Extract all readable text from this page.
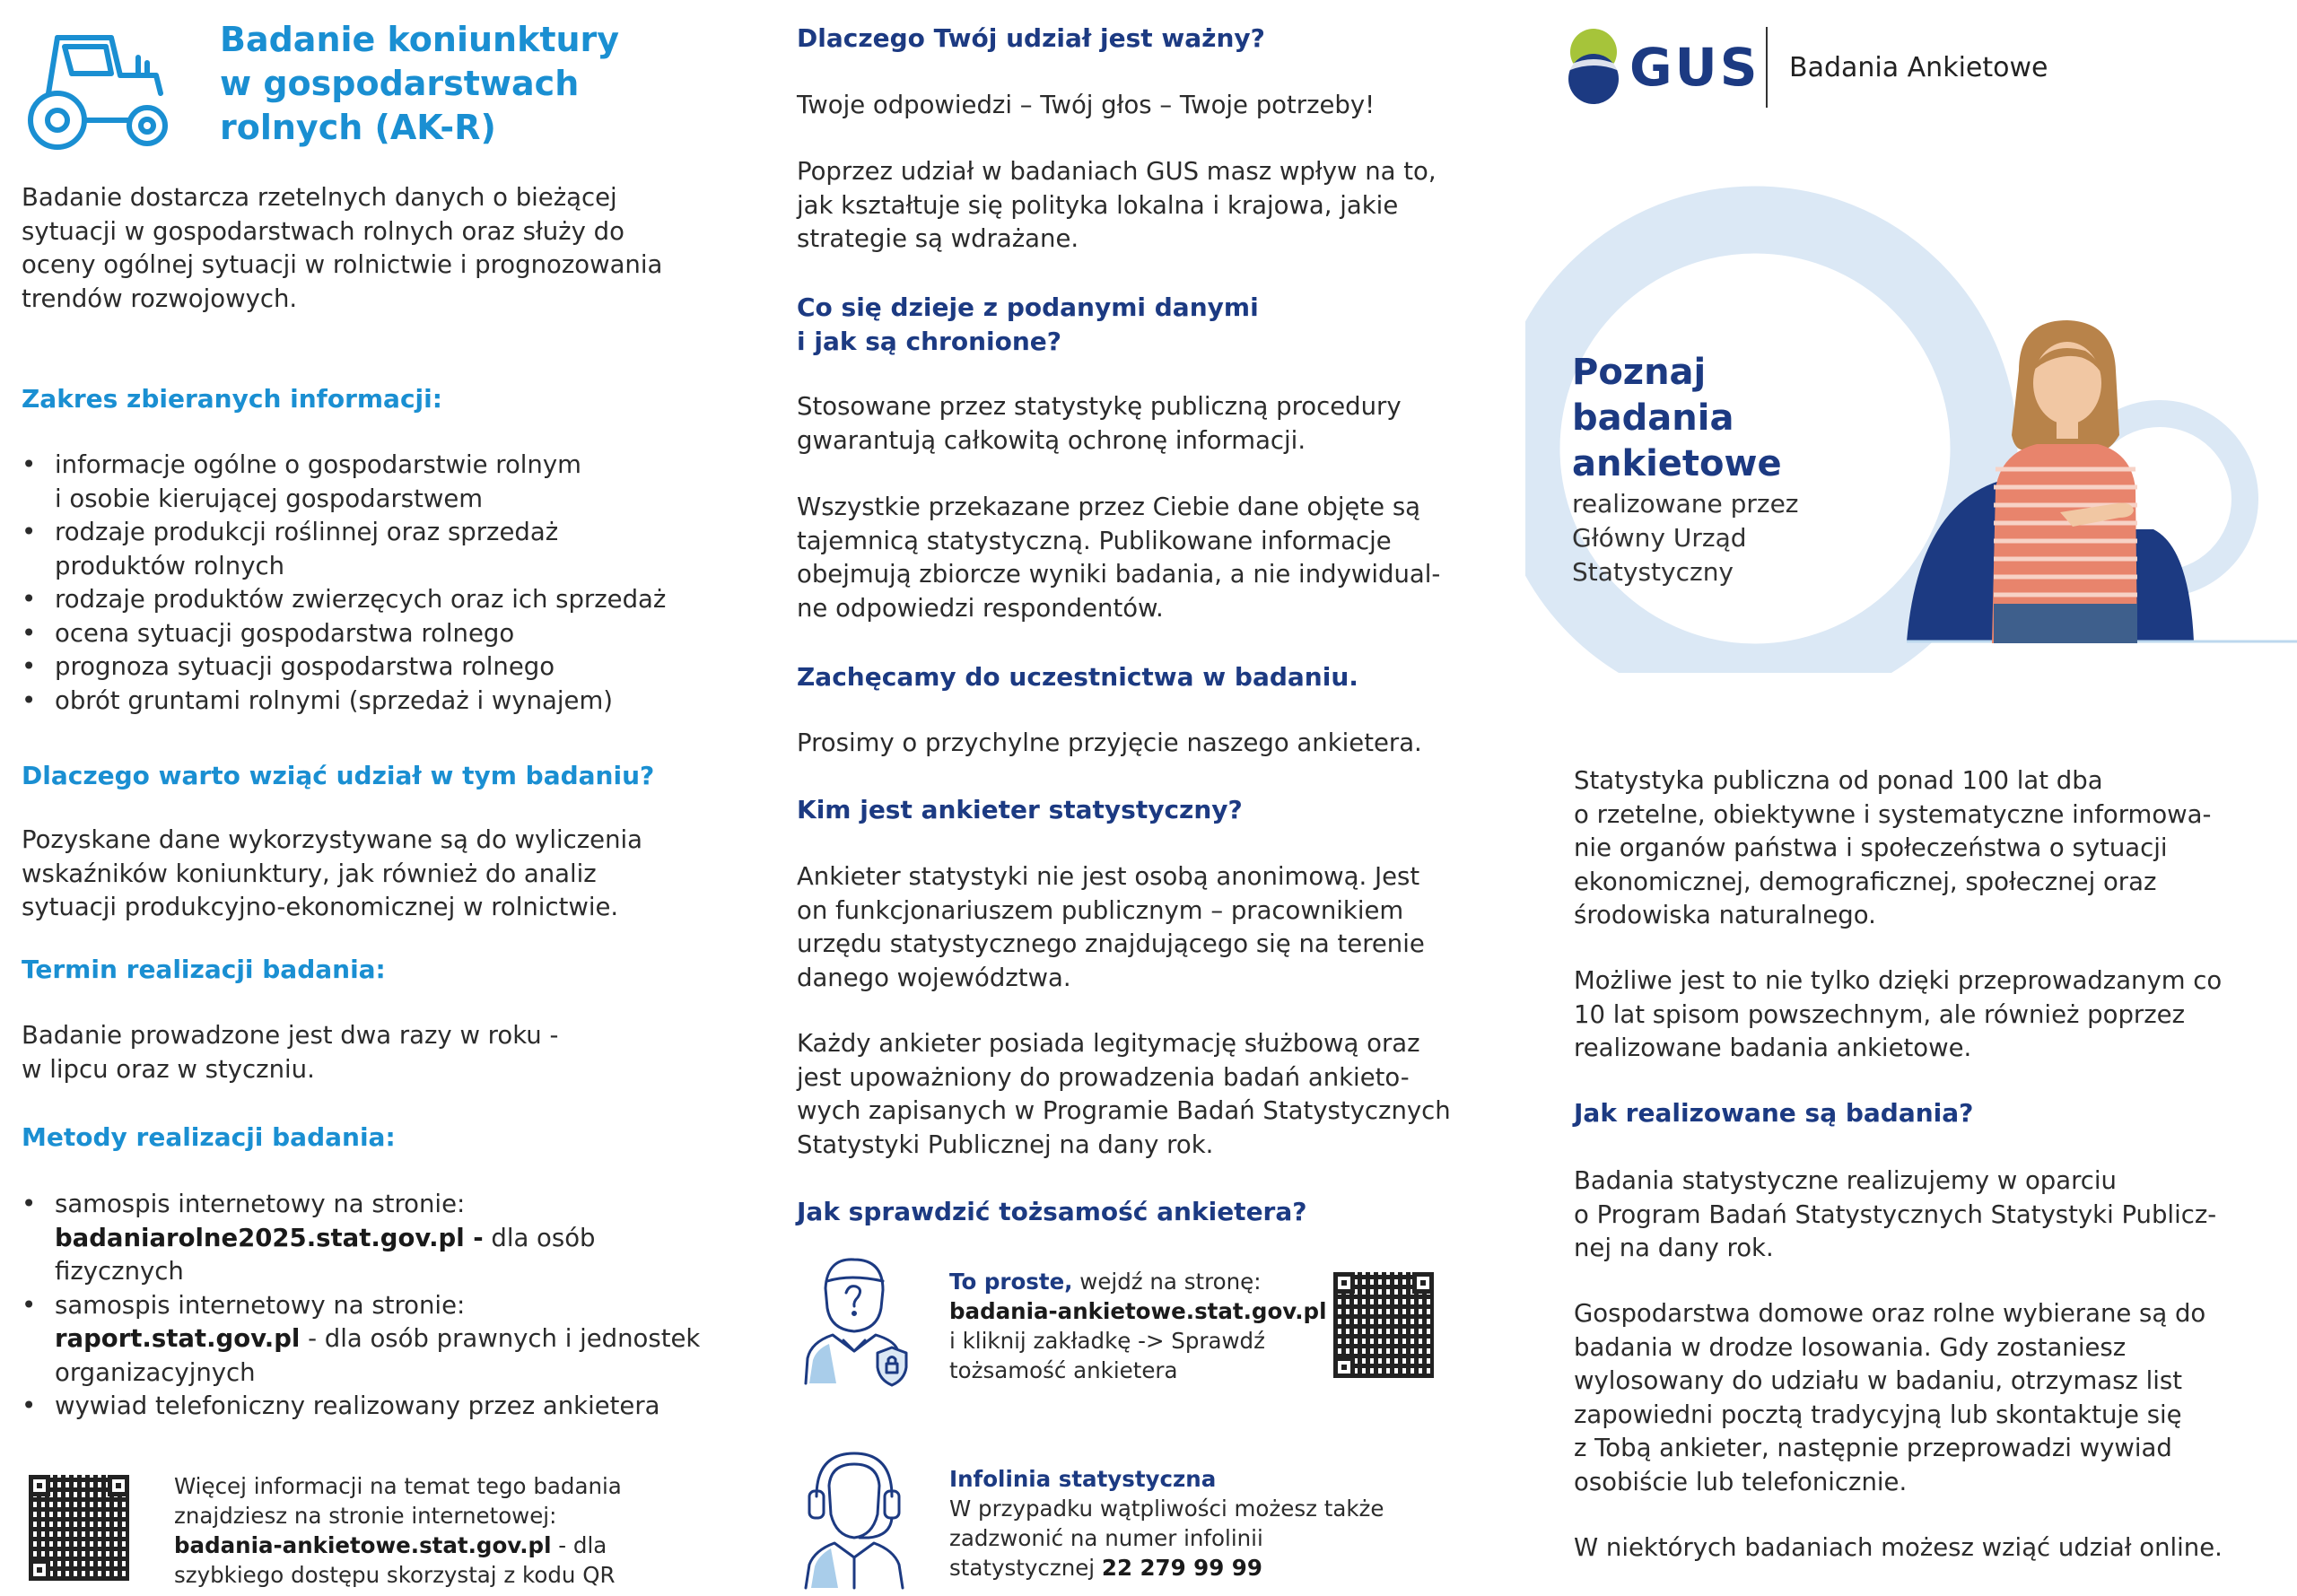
Badanie koniunktury
w gospodarstwach
rolnych (AK-R)

Badanie dostarcza rzetelnych danych o bieżącej

sytuacji w gospodarstwach rolnych oraz służy do

oceny ogólnej sytuacji w rolnictwie i prognozowania

trendów rozwojowych.

Zakres zbieranych informacji:
• informacje ogólne o gospodarstwie rolnym
i osobie kierującej gospodarstwem
• rodzaje produkcji roślinnej oraz sprzedaż
produktów rolnych
• rodzaje produktów zwierzęcych oraz ich sprzedaż
• ocena sytuacji gospodarstwa rolnego
• prognoza sytuacji gospodarstwa rolnego
• obrót gruntami rolnymi (sprzedaż i wynajem)
Dlaczego warto wziąć udział w tym badaniu?

Pozyskane dane wykorzystywane są do wyliczenia

wskaźników koniunktury, jak również do analiz

sytuacji produkcyjno-ekonomicznej w rolnictwie.

Termin realizacji badania:

Badanie prowadzone jest dwa razy w roku -

w lipcu oraz w styczniu.

Metody realizacji badania:
• samospis internetowy na stronie:
badaniarolne2025.stat.gov.pl - dla osób fizycznych
• samospis internetowy na stronie:
raport.stat.gov.pl - dla osób prawnych i jednostek
organizacyjnych
• wywiad telefoniczny realizowany przez ankietera

Więcej informacji na temat tego badania

znajdziesz na stronie internetowej:

badania-ankietowe.stat.gov.pl - dla

szybkiego dostępu skorzystaj z kodu QR

Dlaczego Twój udział jest ważny?

Twoje odpowiedzi – Twój głos – Twoje potrzeby!

Poprzez udział w badaniach GUS masz wpływ na to,

jak kształtuje się polityka lokalna i krajowa, jakie

strategie są wdrażane.

Co się dzieje z podanymi danymi
i jak są chronione?

Stosowane przez statystykę publiczną procedury

gwarantują całkowitą ochronę informacji.

Wszystkie przekazane przez Ciebie dane objęte są

tajemnicą statystyczną. Publikowane informacje

obejmują zbiorcze wyniki badania, a nie indywidual-

ne odpowiedzi respondentów.

Zachęcamy do uczestnictwa w badaniu.

Prosimy o przychylne przyjęcie naszego ankietera.

Kim jest ankieter statystyczny?

Ankieter statystyki nie jest osobą anonimową. Jest

on funkcjonariuszem publicznym – pracownikiem

urzędu statystycznego znajdującego się na terenie

danego województwa.

Każdy ankieter posiada legitymację służbową oraz

jest upoważniony do prowadzenia badań ankieto-

wych zapisanych w Programie Badań Statystycznych

Statystyki Publicznej na dany rok.

Jak sprawdzić tożsamość ankietera?

To proste, wejdź na stronę:

badania-ankietowe.stat.gov.pl

i kliknij zakładkę -> Sprawdź

tożsamość ankietera

Infolinia statystyczna

W przypadku wątpliwości możesz także

zadzwonić na numer infolinii

statystycznej 22 279 99 99

GUS Badania Ankietowe
Poznaj badania
ankietowe
realizowane przez
Główny Urząd
Statystyczny

Statystyka publiczna od ponad 100 lat dba

o rzetelne, obiektywne i systematyczne informowa-

nie organów państwa i społeczeństwa o sytuacji

ekonomicznej, demograficznej, społecznej oraz

środowiska naturalnego.

Możliwe jest to nie tylko dzięki przeprowadzanym co

10 lat spisom powszechnym, ale również poprzez

realizowane badania ankietowe.

Jak realizowane są badania?

Badania statystyczne realizujemy w oparciu

o Program Badań Statystycznych Statystyki Publicz-

nej na dany rok.

Gospodarstwa domowe oraz rolne wybierane są do

badania w drodze losowania. Gdy zostaniesz

wylosowany do udziału w badaniu, otrzymasz list

zapowiedni pocztą tradycyjną lub skontaktuje się

z Tobą ankieter, następnie przeprowadzi wywiad

osobiście lub telefonicznie.

W niektórych badaniach możesz wziąć udział online.
